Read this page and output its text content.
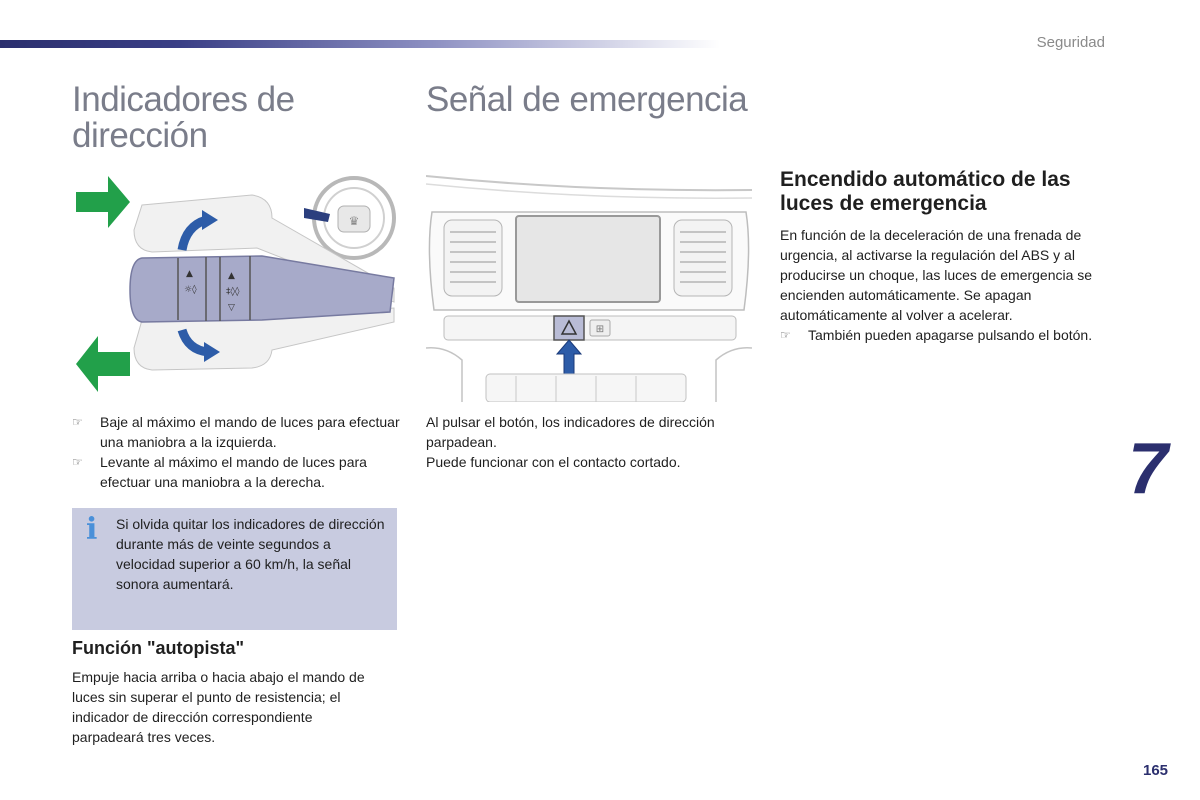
Seguridad
Indicadores de dirección
♛
▲
☼◊
▲
‡◊◊
▽
☞	Baje al máximo el mando de luces para efectuar una maniobra a la izquierda.
☞	Levante al máximo el mando de luces para efectuar una maniobra a la derecha.
i Si olvida quitar los indicadores de dirección durante más de veinte segundos a velocidad superior a 60 km/h, la señal sonora aumentará.
Función "autopista"
Empuje hacia arriba o hacia abajo el mando de luces sin superar el punto de resistencia; el indicador de dirección correspondiente parpadeará tres veces.
Señal de emergencia
⊞
Al pulsar el botón, los indicadores de dirección parpadean.
Puede funcionar con el contacto cortado.
Encendido automático de las luces de emergencia
En función de la deceleración de una frenada de urgencia, al activarse la regulación del ABS y al producirse un choque, las luces de emergencia se encienden automáticamente. Se apagan automáticamente al volver a acelerar.
☞	También pueden apagarse pulsando el botón.
7
165
